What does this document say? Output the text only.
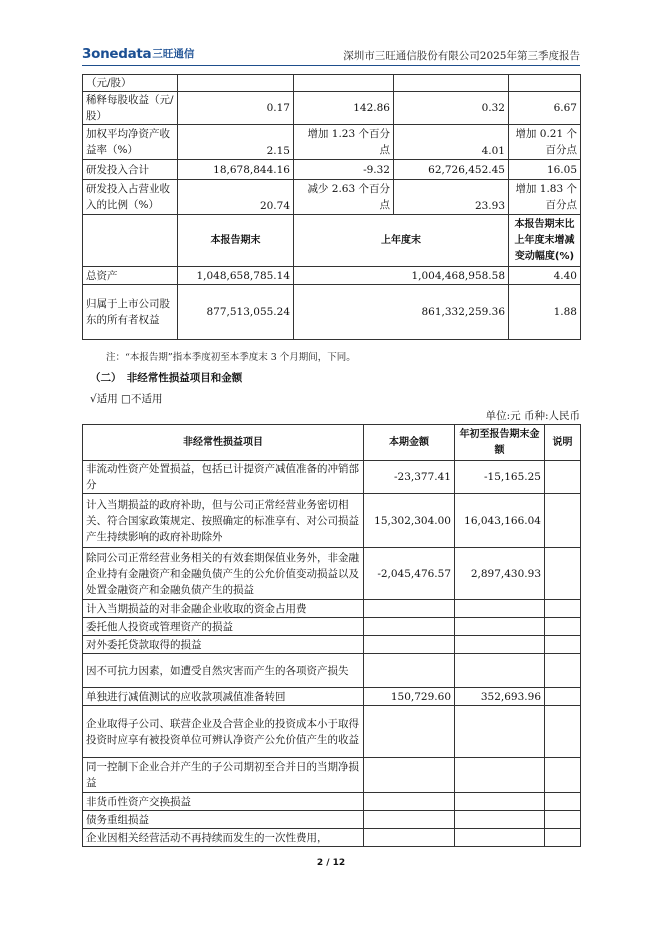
3onedata 三旺通信	深圳市三旺通信股份有限公司2025年第三季度报告
（元/股）				
稀释每股收益（元/股）	0.17	142.86	0.32	6.67
加权平均净资产收益率（%）	2.15	增加 1.23 个百分点	4.01	增加 0.21 个百分点
研发投入合计	18,678,844.16	-9.32	62,726,452.45	16.05
研发投入占营业收入的比例（%）	20.74	减少 2.63 个百分点	23.93	增加 1.83 个百分点
	本报告期末	上年度末		本报告期末比上年度末增减变动幅度(%)
总资产	1,048,658,785.14	1,004,468,958.58		4.40
归属于上市公司股东的所有者权益	877,513,055.24	861,332,259.36		1.88
注：“本报告期”指本季度初至本季度末 3 个月期间，下同。
（二）　非经常性损益项目和金额
√适用 □不适用
单位:元 币种:人民币
非经常性损益项目	本期金额	年初至报告期末金额	说明
非流动性资产处置损益，包括已计提资产减值准备的冲销部分	-23,377.41	-15,165.25	
计入当期损益的政府补助，但与公司正常经营业务密切相关、符合国家政策规定、按照确定的标准享有、对公司损益产生持续影响的政府补助除外	15,302,304.00	16,043,166.04	
除同公司正常经营业务相关的有效套期保值业务外，非金融企业持有金融资产和金融负债产生的公允价值变动损益以及处置金融资产和金融负债产生的损益	-2,045,476.57	2,897,430.93	
计入当期损益的对非金融企业收取的资金占用费			
委托他人投资或管理资产的损益			
对外委托贷款取得的损益			
因不可抗力因素，如遭受自然灾害而产生的各项资产损失			
单独进行减值测试的应收款项减值准备转回	150,729.60	352,693.96	
企业取得子公司、联营企业及合营企业的投资成本小于取得投资时应享有被投资单位可辨认净资产公允价值产生的收益			
同一控制下企业合并产生的子公司期初至合并日的当期净损益			
非货币性资产交换损益			
债务重组损益			
企业因相关经营活动不再持续而发生的一次性费用，			
2 / 12
